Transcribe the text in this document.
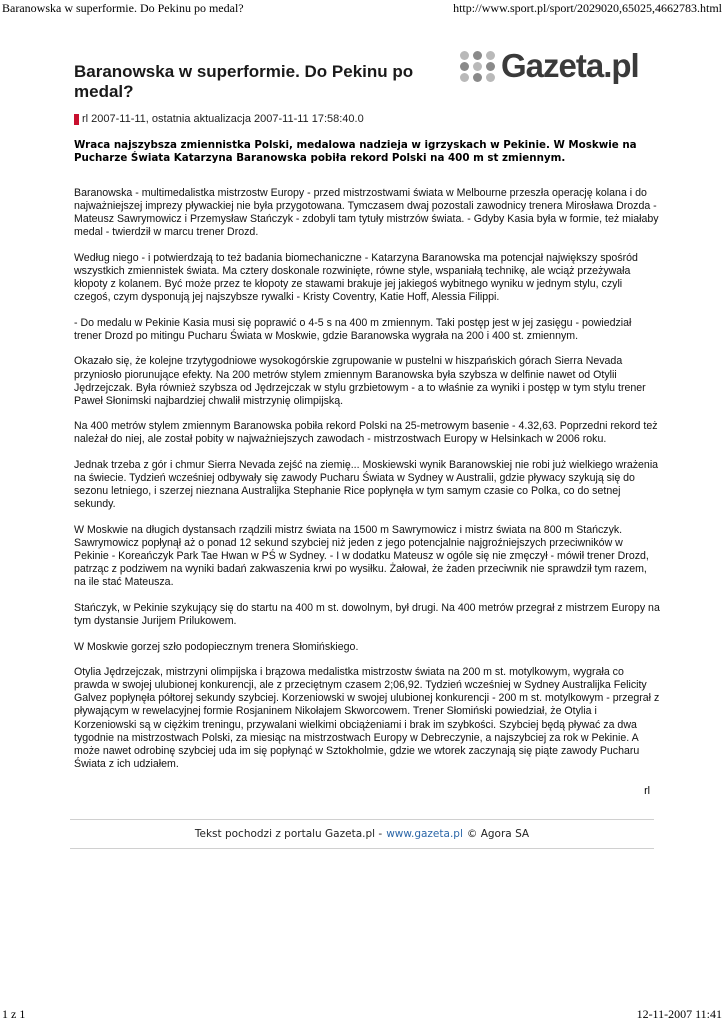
Baranowska w superformie. Do Pekinu po medal?	http://www.sport.pl/sport/2029020,65025,4662783.html
Gazeta.pl
Baranowska w superformie. Do Pekinu po medal?
rl 2007-11-11, ostatnia aktualizacja 2007-11-11 17:58:40.0

Wraca najszybsza zmiennistka Polski, medalowa nadzieja w igrzyskach w Pekinie. W Moskwie na Pucharze Świata Katarzyna Baranowska pobiła rekord Polski na 400 m st zmiennym.

Baranowska - multimedalistka mistrzostw Europy - przed mistrzostwami świata w Melbourne przeszła operację kolana i do najważniejszej imprezy pływackiej nie była przygotowana. Tymczasem dwaj pozostali zawodnicy trenera Mirosława Drozda - Mateusz Sawrymowicz i Przemysław Stańczyk - zdobyli tam tytuły mistrzów świata. - Gdyby Kasia była w formie, też miałaby medal - twierdził w marcu trener Drozd.

Według niego - i potwierdzają to też badania biomechaniczne - Katarzyna Baranowska ma potencjał największy spośród wszystkich zmiennistek świata. Ma cztery doskonale rozwinięte, równe style, wspaniałą technikę, ale wciąż przeżywała kłopoty z kolanem. Być może przez te kłopoty ze stawami brakuje jej jakiegoś wybitnego wyniku w jednym stylu, czyli czegoś, czym dysponują jej najszybsze rywalki - Kristy Coventry, Katie Hoff, Alessia Filippi.

- Do medalu w Pekinie Kasia musi się poprawić o 4-5 s na 400 m zmiennym. Taki postęp jest w jej zasięgu - powiedział trener Drozd po mitingu Pucharu Świata w Moskwie, gdzie Baranowska wygrała na 200 i 400 st. zmiennym.

Okazało się, że kolejne trzytygodniowe wysokogórskie zgrupowanie w pustelni w hiszpańskich górach Sierra Nevada przyniosło piorunujące efekty. Na 200 metrów stylem zmiennym Baranowska była szybsza w delfinie nawet od Otylii Jędrzejczak. Była również szybsza od Jędrzejczak w stylu grzbietowym - a to właśnie za wyniki i postęp w tym stylu trener Paweł Słonimski najbardziej chwalił mistrzynię olimpijską.

Na 400 metrów stylem zmiennym Baranowska pobiła rekord Polski na 25-metrowym basenie - 4.32,63. Poprzedni rekord też należał do niej, ale został pobity w najważniejszych zawodach - mistrzostwach Europy w Helsinkach w 2006 roku.

Jednak trzeba z gór i chmur Sierra Nevada zejść na ziemię... Moskiewski wynik Baranowskiej nie robi już wielkiego wrażenia na świecie. Tydzień wcześniej odbywały się zawody Pucharu Świata w Sydney w Australii, gdzie pływacy szykują się do sezonu letniego, i szerzej nieznana Australijka Stephanie Rice popłynęła w tym samym czasie co Polka, co do setnej sekundy.

W Moskwie na długich dystansach rządzili mistrz świata na 1500 m Sawrymowicz i mistrz świata na 800 m Stańczyk. Sawrymowicz popłynął aż o ponad 12 sekund szybciej niż jeden z jego potencjalnie najgroźniejszych przeciwników w Pekinie - Koreańczyk Park Tae Hwan w PŚ w Sydney. - I w dodatku Mateusz w ogóle się nie zmęczył - mówił trener Drozd, patrząc z podziwem na wyniki badań zakwaszenia krwi po wysiłku. Żałował, że żaden przeciwnik nie sprawdził tym razem, na ile stać Mateusza.

Stańczyk, w Pekinie szykujący się do startu na 400 m st. dowolnym, był drugi. Na 400 metrów przegrał z mistrzem Europy na tym dystansie Jurijem Prilukowem.

W Moskwie gorzej szło podopiecznym trenera Słomińskiego.

Otylia Jędrzejczak, mistrzyni olimpijska i brązowa medalistka mistrzostw świata na 200 m st. motylkowym, wygrała co prawda w swojej ulubionej konkurencji, ale z przeciętnym czasem 2;06,92. Tydzień wcześniej w Sydney Australijka Felicity Galvez popłynęła półtorej sekundy szybciej. Korzeniowski w swojej ulubionej konkurencji - 200 m st. motylkowym - przegrał z pływającym w rewelacyjnej formie Rosjaninem Nikołajem Skworcowem. Trener Słomiński powiedział, że Otylia i Korzeniowski są w ciężkim treningu, przywalani wielkimi obciążeniami i brak im szybkości. Szybciej będą pływać za dwa tygodnie na mistrzostwach Polski, za miesiąc na mistrzostwach Europy w Debreczynie, a najszybciej za rok w Pekinie. A może nawet odrobinę szybciej uda im się popłynąć w Sztokholmie, gdzie we wtorek zaczynają się piąte zawody Pucharu Świata z ich udziałem.

rl
Tekst pochodzi z portalu Gazeta.pl - www.gazeta.pl © Agora SA
1 z 1	12-11-2007 11:41
